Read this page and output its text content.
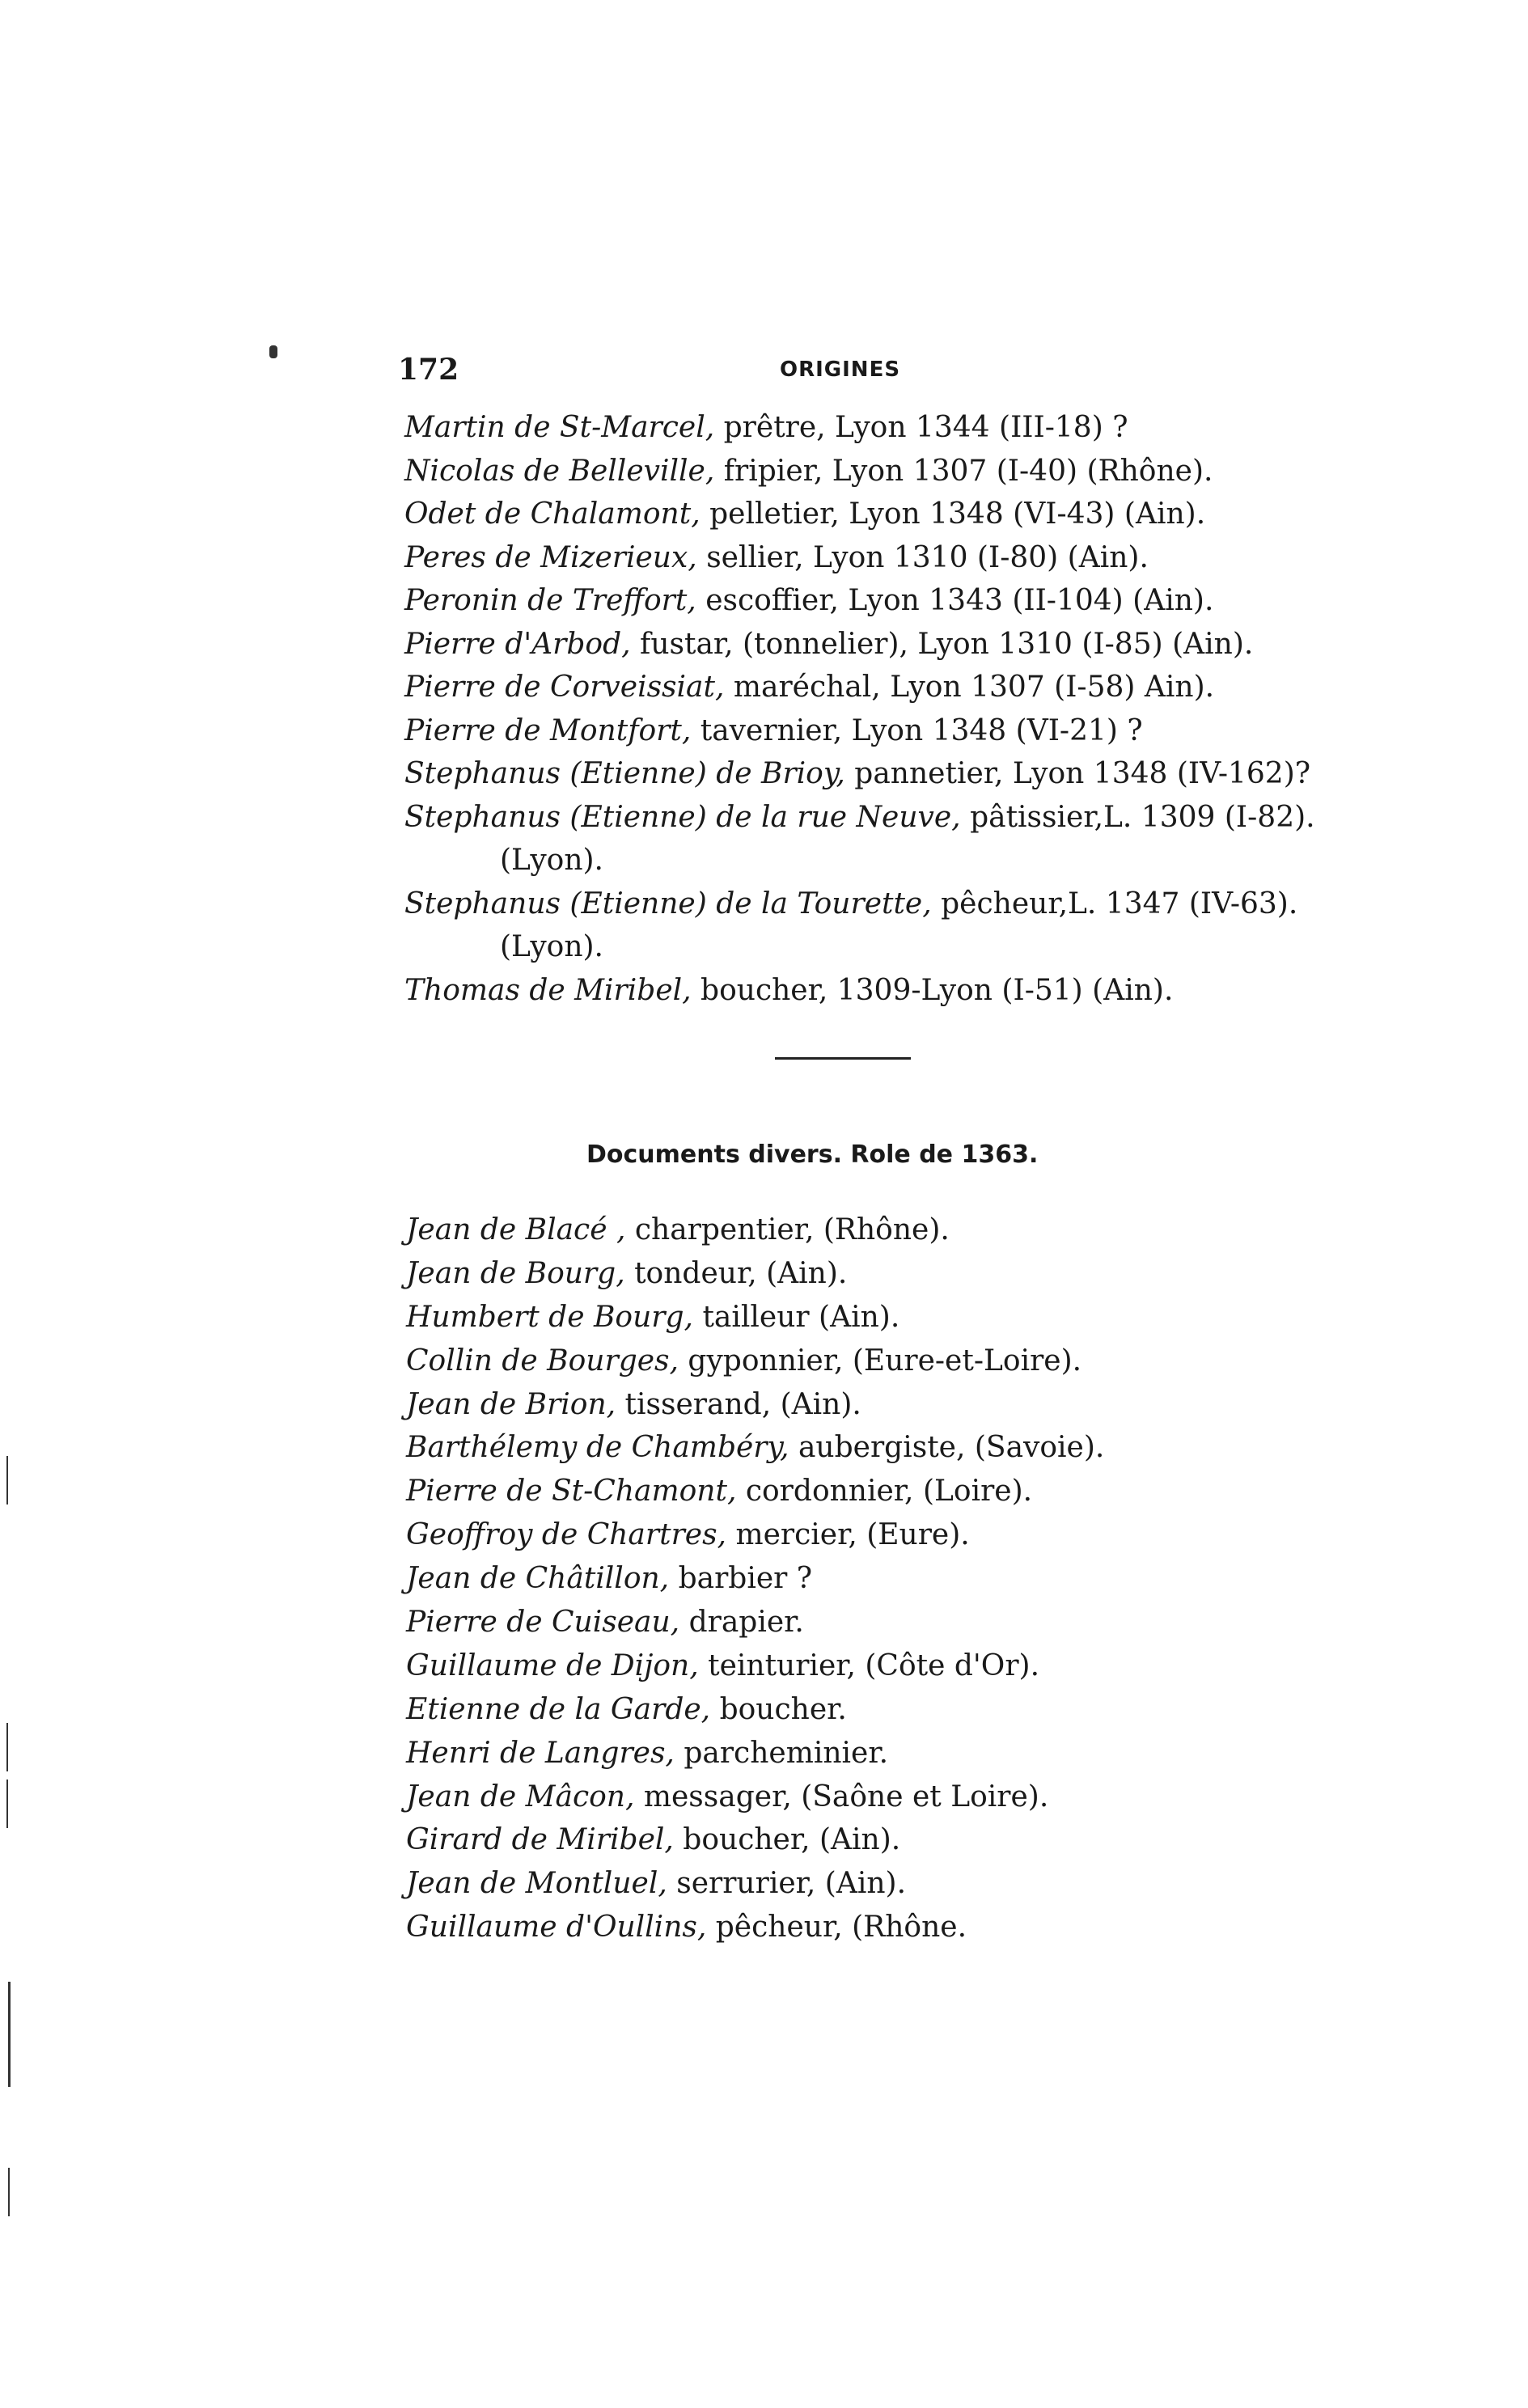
172	ORIGINES
Martin de St-Marcel, prêtre, Lyon 1344 (III-18) ?
Nicolas de Belleville, fripier, Lyon 1307 (I-40) (Rhône).
Odet de Chalamont, pelletier, Lyon 1348 (VI-43) (Ain).
Peres de Mizerieux, sellier, Lyon 1310 (I-80) (Ain).
Peronin de Treffort, escoffier, Lyon 1343 (II-104) (Ain).
Pierre d'Arbod, fustar, (tonnelier), Lyon 1310 (I-85) (Ain).
Pierre de Corveissiat, maréchal, Lyon 1307 (I-58) Ain).
Pierre de Montfort, tavernier, Lyon 1348 (VI-21) ?
Stephanus (Etienne) de Brioy, pannetier, Lyon 1348 (IV-162)?
Stephanus (Etienne) de la rue Neuve, pâtissier,L. 1309 (I-82).
(Lyon).
Stephanus (Etienne) de la Tourette, pêcheur,L. 1347 (IV-63).
(Lyon).
Thomas de Miribel, boucher, 1309-Lyon (I-51) (Ain).
Documents divers. Role de 1363.
Jean de Blacé , charpentier, (Rhône).
Jean de Bourg, tondeur, (Ain).
Humbert de Bourg, tailleur (Ain).
Collin de Bourges, gyponnier, (Eure-et-Loire).
Jean de Brion, tisserand, (Ain).
Barthélemy de Chambéry, aubergiste, (Savoie).
Pierre de St-Chamont, cordonnier, (Loire).
Geoffroy de Chartres, mercier, (Eure).
Jean de Châtillon, barbier ?
Pierre de Cuiseau, drapier.
Guillaume de Dijon, teinturier, (Côte d'Or).
Etienne de la Garde, boucher.
Henri de Langres, parcheminier.
Jean de Mâcon, messager, (Saône et Loire).
Girard de Miribel, boucher, (Ain).
Jean de Montluel, serrurier, (Ain).
Guillaume d'Oullins, pêcheur, (Rhône.
